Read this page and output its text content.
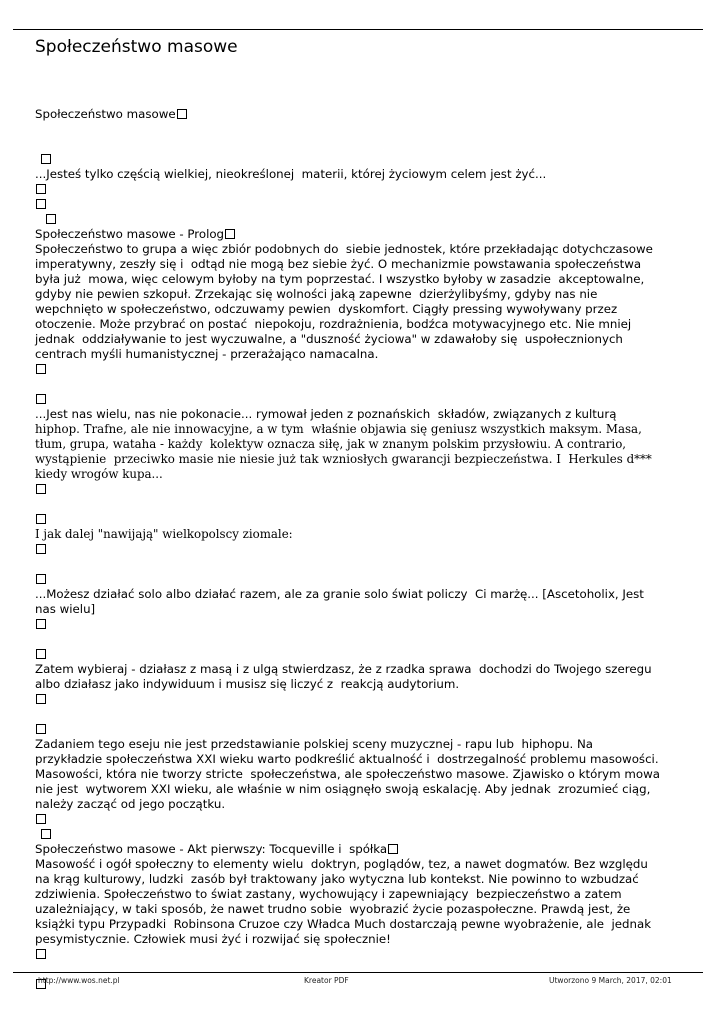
Społeczeństwo masowe
Społeczeństwo masowe
...Jesteś tylko częścią wielkiej, nieokreślonej  materii, której życiowym celem jest żyć...
Społeczeństwo masowe - Prolog
Społeczeństwo to grupa a więc zbiór podobnych do  siebie jednostek, które przekładając dotychczasowe
imperatywny, zeszły się i  odtąd nie mogą bez siebie żyć. O mechanizmie powstawania społeczeństwa
była już  mowa, więc celowym byłoby na tym poprzestać. I wszystko byłoby w zasadzie  akceptowalne,
gdyby nie pewien szkopuł. Zrzekając się wolności jaką zapewne  dzierżylibyśmy, gdyby nas nie
wepchnięto w społeczeństwo, odczuwamy pewien  dyskomfort. Ciągły pressing wywoływany przez
otoczenie. Może przybrać on postać  niepokoju, rozdrażnienia, bodźca motywacyjnego etc. Nie mniej
jednak  oddziaływanie to jest wyczuwalne, a "duszność życiowa" w zdawałoby się  uspołecznionych
centrach myśli humanistycznej - przerażająco namacalna.
...Jest nas wielu, nas nie pokonacie... rymował jeden z poznańskich  składów, związanych z kulturą
hiphop. Trafne, ale nie innowacyjne, a w tym  właśnie objawia się geniusz wszystkich maksym. Masa,
tłum, grupa, wataha - każdy  kolektyw oznacza siłę, jak w znanym polskim przysłowiu. A contrario,
wystąpienie  przeciwko masie nie niesie już tak wzniosłych gwarancji bezpieczeństwa. I  Herkules d***
kiedy wrogów kupa...
I jak dalej "nawijają" wielkopolscy ziomale:
...Możesz działać solo albo działać razem, ale za granie solo świat policzy  Ci marżę... [Ascetoholix, Jest
nas wielu]
Zatem wybieraj - działasz z masą i z ulgą stwierdzasz, że z rzadka sprawa  dochodzi do Twojego szeregu
albo działasz jako indywiduum i musisz się liczyć z  reakcją audytorium.
Zadaniem tego eseju nie jest przedstawianie polskiej sceny muzycznej - rapu lub  hiphopu. Na
przykładzie społeczeństwa XXI wieku warto podkreślić aktualność i  dostrzegalność problemu masowości.
Masowości, która nie tworzy stricte  społeczeństwa, ale społeczeństwo masowe. Zjawisko o którym mowa
nie jest  wytworem XXI wieku, ale właśnie w nim osiągnęło swoją eskalację. Aby jednak  zrozumieć ciąg,
należy zacząć od jego początku.
Społeczeństwo masowe - Akt pierwszy: Tocqueville i  spółka
Masowość i ogół społeczny to elementy wielu  doktryn, poglądów, tez, a nawet dogmatów. Bez względu
na krąg kulturowy, ludzki  zasób był traktowany jako wytyczna lub kontekst. Nie powinno to wzbudzać
zdziwienia. Społeczeństwo to świat zastany, wychowujący i zapewniający  bezpieczeństwo a zatem
uzależniający, w taki sposób, że nawet trudno sobie  wyobrazić życie pozaspołeczne. Prawdą jest, że
książki typu Przypadki  Robinsona Cruzoe czy Władca Much dostarczają pewne wyobrażenie, ale  jednak
pesymistycznie. Człowiek musi żyć i rozwijać się społecznie!
http://www.wos.net.pl	Kreator PDF	Utworzono 9 March, 2017, 02:01
